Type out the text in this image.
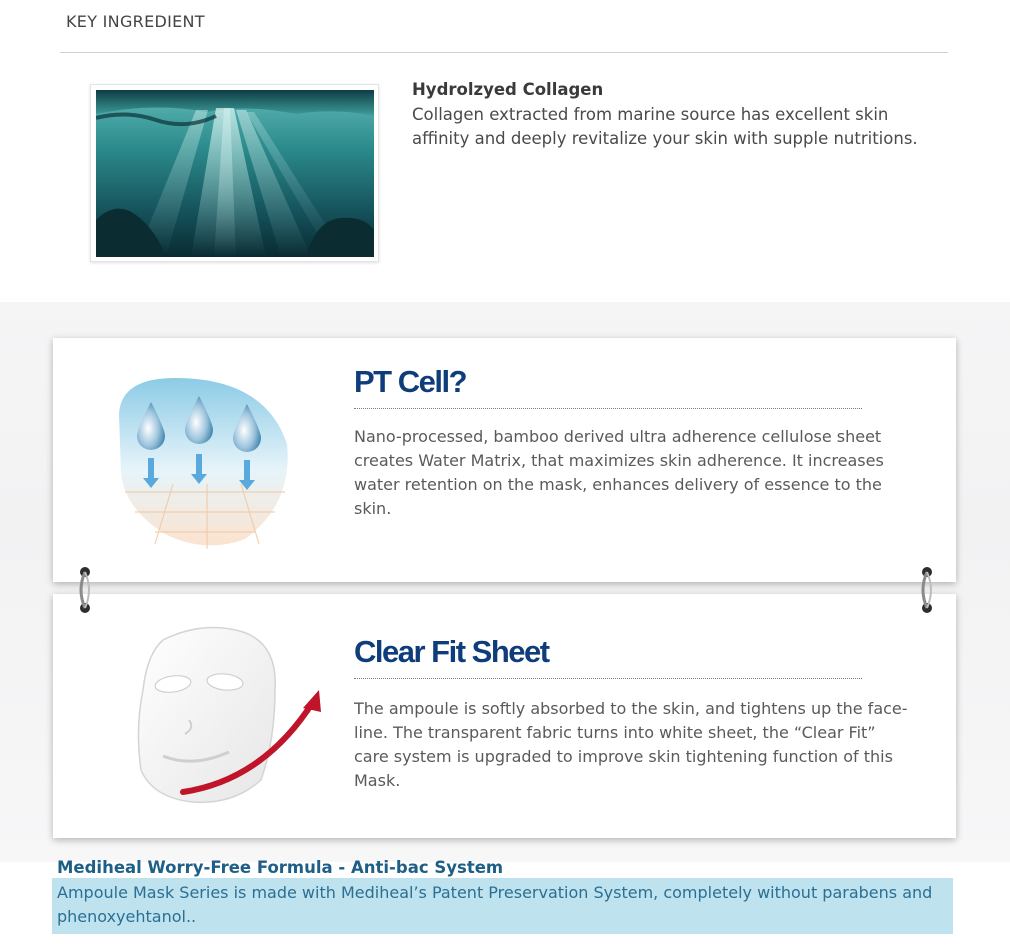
KEY INGREDIENT
Hydrolzyed Collagen
Collagen extracted from marine source has excellent skin affinity and deeply revitalize your skin with supple nutritions.
PT Cell?
Nano-processed, bamboo derived ultra adherence cellulose sheet creates Water Matrix, that maximizes skin adherence. It increases water retention on the mask, enhances delivery of essence to the skin.
Clear Fit Sheet
The ampoule is softly absorbed to the skin, and tightens up the face-line. The transparent fabric turns into white sheet, the “Clear Fit” care system is upgraded to improve skin tightening function of this Mask.
Mediheal Worry-Free Formula - Anti-bac System
Ampoule Mask Series is made with Mediheal’s Patent Preservation System, completely without parabens and phenoxyehtanol..
